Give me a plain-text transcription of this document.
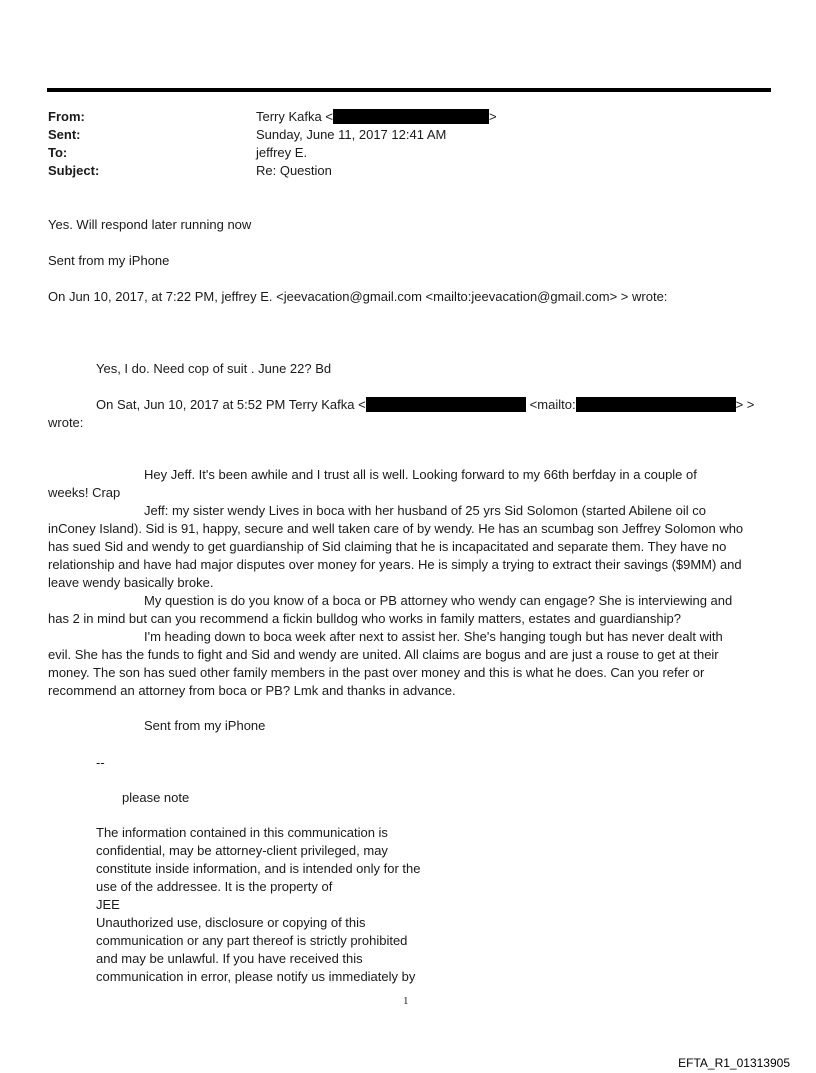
From:	Terry Kafka <	>
Sent:	Sunday, June 11, 2017 12:41 AM
To:	jeffrey E.
Subject:	Re: Question
Yes. Will respond later running now
Sent from my iPhone
On Jun 10, 2017, at 7:22 PM, jeffrey E. <jeevacation@gmail.com <mailto:jeevacation@gmail.com> > wrote:
Yes, I do. Need cop of suit . June 22? Bd
On Sat, Jun 10, 2017 at 5:52 PM Terry Kafka <	<mailto:	> >
wrote:
Hey Jeff. It's been awhile and I trust all is well. Looking forward to my 66th berfday in a couple of
weeks! Crap
Jeff: my sister wendy Lives in boca with her husband of 25 yrs Sid Solomon (started Abilene oil co
inConey Island). Sid is 91, happy, secure and well taken care of by wendy. He has an scumbag son Jeffrey Solomon who has sued Sid and wendy to get guardianship of Sid claiming that he is incapacitated and separate them. They have no relationship and have had major disputes over money for years. He is simply a trying to extract their savings ($9MM) and leave wendy basically broke.
My question is do you know of a boca or PB attorney who wendy can engage? She is interviewing and
has 2 in mind but can you recommend a fickin bulldog who works in family matters, estates and guardianship?
I'm heading down to boca week after next to assist her. She's hanging tough but has never dealt with
evil. She has the funds to fight and Sid and wendy are united. All claims are bogus and are just a rouse to get at their money. The son has sued other family members in the past over money and this is what he does. Can you refer or recommend an attorney from boca or PB? Lmk and thanks in advance.
Sent from my iPhone
--
please note
The information contained in this communication is confidential, may be attorney-client privileged, may constitute inside information, and is intended only for the use of the addressee. It is the property of
JEE
Unauthorized use, disclosure or copying of this communication or any part thereof is strictly prohibited and may be unlawful. If you have received this communication in error, please notify us immediately by
1
EFTA_R1_01313905
